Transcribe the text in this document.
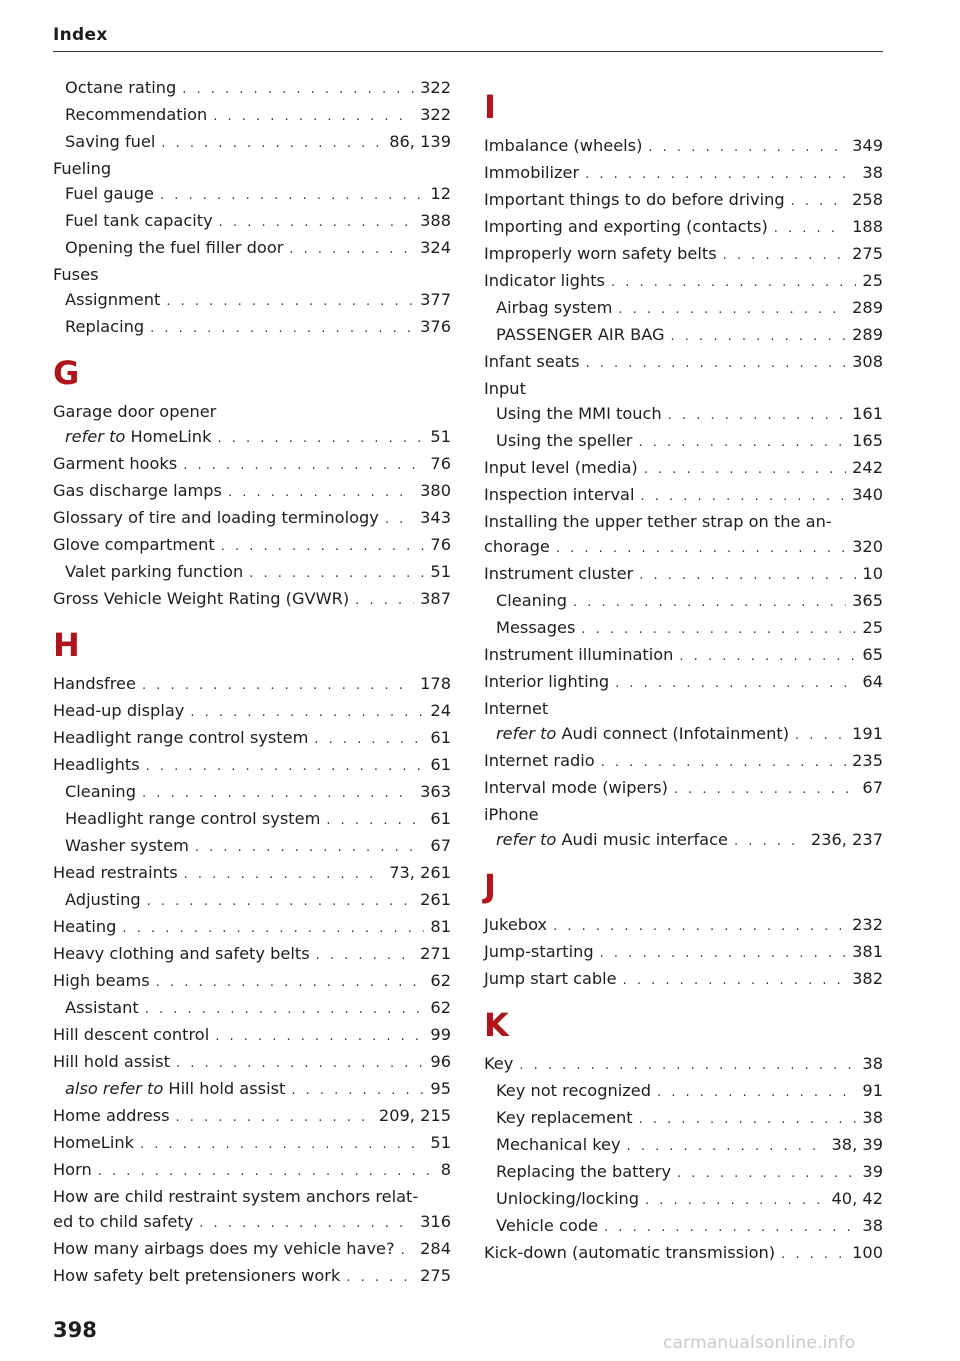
Index
Octane rating . . .	322
Recommendation . . .	322
Saving fuel . . .	86, 139
Fueling
Fuel gauge . . .	12
Fuel tank capacity . . .	388
Opening the fuel filler door . . .	324
Fuses
Assignment . . .	377
Replacing . . .	376
G
Garage door opener
refer to HomeLink . . .	51
Garment hooks . . .	76
Gas discharge lamps . . .	380
Glossary of tire and loading terminology . . .	343
Glove compartment . . .	76
Valet parking function . . .	51
Gross Vehicle Weight Rating (GVWR) . . .	387
H
Handsfree . . .	178
Head-up display . . .	24
Headlight range control system . . .	61
Headlights . . .	61
Cleaning . . .	363
Headlight range control system . . .	61
Washer system . . .	67
Head restraints . . .	73, 261
Adjusting . . .	261
Heating . . .	81
Heavy clothing and safety belts . . .	271
High beams . . .	62
Assistant . . .	62
Hill descent control . . .	99
Hill hold assist . . .	96
also refer to Hill hold assist . . .	95
Home address . . .	209, 215
HomeLink . . .	51
Horn . . .	8
How are child restraint system anchors relat-
ed to child safety . . .	316
How many airbags does my vehicle have? . . . 284
How safety belt pretensioners work . . .	275
I
Imbalance (wheels) . . .	349
Immobilizer . . .	38
Important things to do before driving . . .	258
Importing and exporting (contacts) . . .	188
Improperly worn safety belts . . .	275
Indicator lights . . .	25
Airbag system . . .	289
PASSENGER AIR BAG . . .	289
Infant seats . . .	308
Input
Using the MMI touch . . .	161
Using the speller . . .	165
Input level (media) . . .	242
Inspection interval . . .	340
Installing the upper tether strap on the an-
chorage . . .	320
Instrument cluster . . .	10
Cleaning . . .	365
Messages . . .	25
Instrument illumination . . .	65
Interior lighting . . .	64
Internet
refer to Audi connect (Infotainment) . . .	191
Internet radio . . .	235
Interval mode (wipers) . . .	67
iPhone
refer to Audi music interface . . .	236, 237
J
Jukebox . . .	232
Jump-starting . . .	381
Jump start cable . . .	382
K
Key . . .	38
Key not recognized . . .	91
Key replacement . . .	38
Mechanical key . . .	38, 39
Replacing the battery . . .	39
Unlocking/locking . . .	40, 42
Vehicle code . . .	38
Kick-down (automatic transmission) . . .	100
398
carmanualsonline.info
